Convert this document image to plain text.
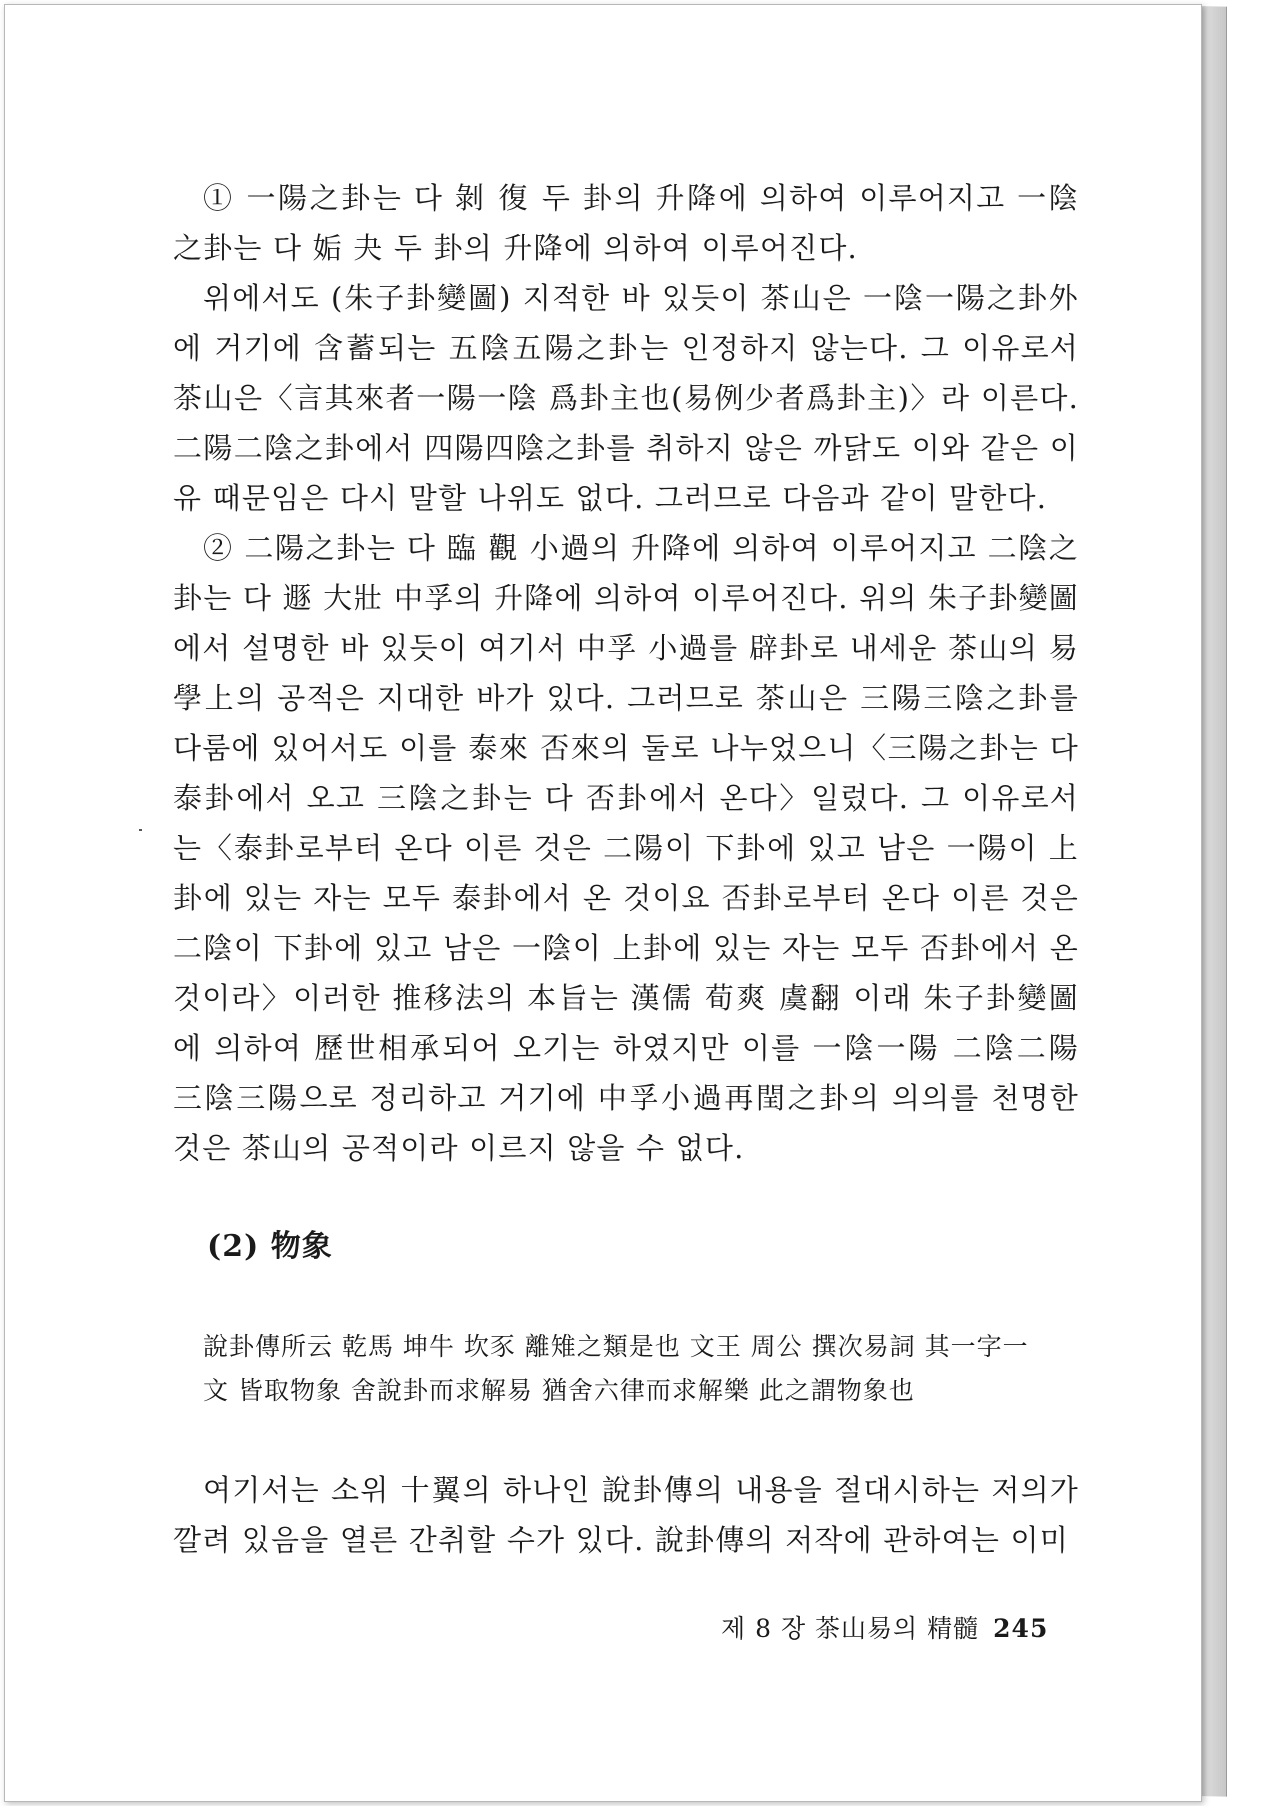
① 一陽之卦는 다 剝 復 두 卦의 升降에 의하여 이루어지고 一陰之卦는 다 姤 夬 두 卦의 升降에 의하여 이루어진다.

위에서도 (朱子卦變圖) 지적한 바 있듯이 茶山은 一陰一陽之卦外에 거기에 含蓄되는 五陰五陽之卦는 인정하지 않는다. 그 이유로서 茶山은〈言其來者一陽一陰 爲卦主也(易例少者爲卦主)〉라 이른다. 二陽二陰之卦에서 四陽四陰之卦를 취하지 않은 까닭도 이와 같은 이유 때문임은 다시 말할 나위도 없다. 그러므로 다음과 같이 말한다.

② 二陽之卦는 다 臨 觀 小過의 升降에 의하여 이루어지고 二陰之卦는 다 遯 大壯 中孚의 升降에 의하여 이루어진다. 위의 朱子卦變圖에서 설명한 바 있듯이 여기서 中孚 小過를 辟卦로 내세운 茶山의 易學上의 공적은 지대한 바가 있다. 그러므로 茶山은 三陽三陰之卦를 다룸에 있어서도 이를 泰來 否來의 둘로 나누었으니〈三陽之卦는 다 泰卦에서 오고 三陰之卦는 다 否卦에서 온다〉일렀다. 그 이유로서는〈泰卦로부터 온다 이른 것은 二陽이 下卦에 있고 남은 一陽이 上卦에 있는 자는 모두 泰卦에서 온 것이요 否卦로부터 온다 이른 것은 二陰이 下卦에 있고 남은 一陰이 上卦에 있는 자는 모두 否卦에서 온 것이라〉이러한 推移法의 本旨는 漢儒 荀爽 虞翻 이래 朱子卦變圖에 의하여 歷世相承되어 오기는 하였지만 이를 一陰一陽 二陰二陽 三陰三陽으로 정리하고 거기에 中孚小過再閏之卦의 의의를 천명한 것은 茶山의 공적이라 이르지 않을 수 없다.

(2) 物象

說卦傳所云 乾馬 坤牛 坎豕 離雉之類是也 文王 周公 撰次易詞 其一字一

文 皆取物象 舍說卦而求解易 猶舍六律而求解樂 此之謂物象也

여기서는 소위 十翼의 하나인 說卦傳의 내용을 절대시하는 저의가 깔려 있음을 열른 간취할 수가 있다. 說卦傳의 저작에 관하여는 이미

제 8 장 茶山易의 精髓 245
